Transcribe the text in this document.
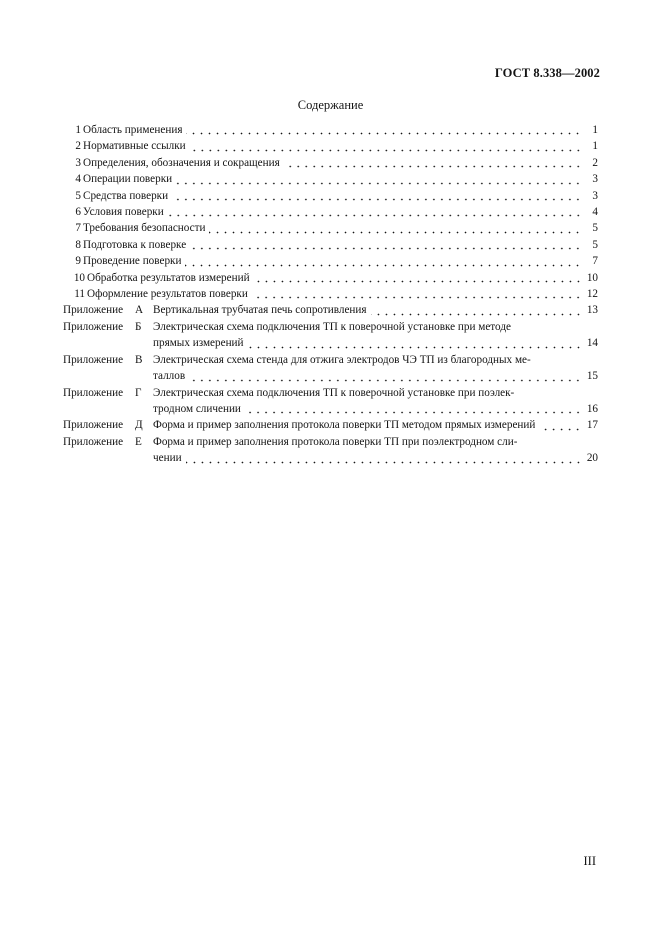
ГОСТ 8.338—2002
Содержание
1 Область применения	1
2 Нормативные ссылки	1
3 Определения, обозначения и сокращения	2
4 Операции поверки	3
5 Средства поверки	3
6 Условия поверки	4
7 Требования безопасности	5
8 Подготовка к поверке	5
9 Проведение поверки	7
10 Обработка результатов измерений	10
11 Оформление результатов поверки	12
Приложение	А Вертикальная трубчатая печь сопротивления	13
Приложение	Б	Электрическая схема подключения ТП к поверочной установке при методе
прямых измерений	14
Приложение	В Электрическая схема стенда для отжига электродов ЧЭ ТП из благородных ме-
таллов	15
Приложение	Г	Электрическая схема подключения ТП к поверочной установке при поэлек-
тродном сличении	16
Приложение	Д Форма и пример заполнения протокола поверки ТП методом прямых измерений	17
Приложение	Е Форма и пример заполнения протокола поверки ТП при поэлектродном сли-
чении	20
III
